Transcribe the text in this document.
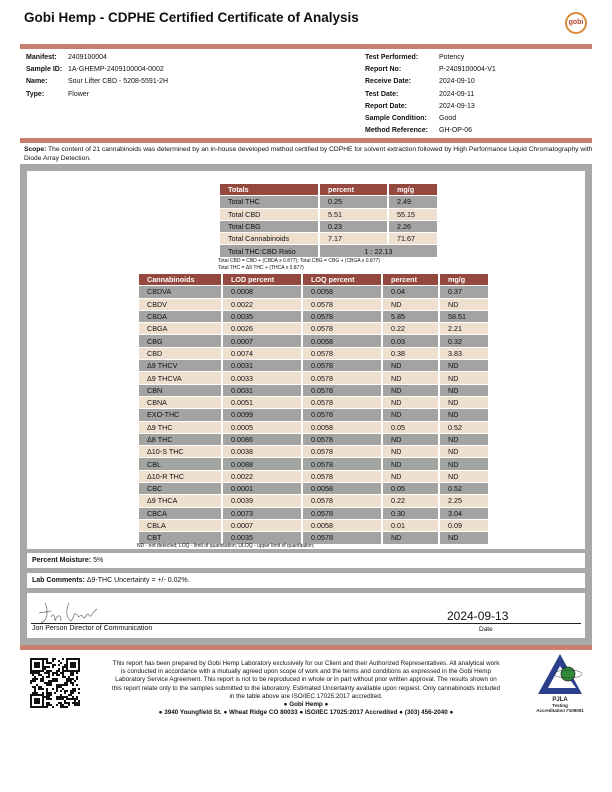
Gobi Hemp - CDPHE Certified Certificate of Analysis	gobi
Manifest: 2409100004
Sample ID: 1A-GHEMP-2409100004-0002
Name:	Sour Lifter CBD - 5208-5591-2H
Type:	Flower
Test Performed:	Potency
Report No:	P-2409100004-V1
Receive Date:	2024-09-10
Test Date:	2024-09-11
Report Date:	2024-09-13
Sample Condition: Good
Method Reference: GH-OP-06
Scope: The content of 21 cannabinoids was determined by an in-house developed method certified by CDPHE for solvent extraction followed by High Performance Liquid Chromatography with Diode Array Detection.
Totals	percent	mg/g
Total THC	0.25	2.49
Total CBD	5.51	55.15
Total CBG	0.23	2.26
Total Cannabinoids	7.17	71.67
Total THC:CBD Ratio	1 : 22.13	
Total CBD = CBD + (CBDA x 0.877); Total CBG = CBG + (CBGA x 0.877)
Total THC = Δ9 THC + (THCA x 0.877)
Cannabinoids	LOD percent	LOQ percent	percent	mg/g
CBDVA	0.0008	0.0058	0.04	0.37
CBDV	0.0022	0.0578	ND	ND
CBDA	0.0035	0.0578	5.85	58.51
CBGA	0.0026	0.0578	0.22	2.21
CBG	0.0007	0.0058	0.03	0.32
CBD	0.0074	0.0578	0.38	3.83
Δ9 THCV	0.0031	0.0578	ND	ND
Δ9 THCVA	0.0033	0.0578	ND	ND
CBN	0.0031	0.0578	ND	ND
CBNA	0.0051	0.0578	ND	ND
EXO-THC	0.0099	0.0578	ND	ND
Δ9 THC	0.0005	0.0058	0.05	0.52
Δ8 THC	0.0086	0.0578	ND	ND
Δ10-S THC	0.0038	0.0578	ND	ND
CBL	0.0088	0.0578	ND	ND
Δ10-R THC	0.0022	0.0578	ND	ND
CBC	0.0001	0.0058	0.05	0.52
Δ9 THCA	0.0039	0.0578	0.22	2.25
CBCA	0.0073	0.0578	0.30	3.04
CBLA	0.0007	0.0058	0.01	0.09
CBT	0.0035	0.0578	ND	ND
ND - not detected; LOQ - limit of quantitation; ULOQ - upper limit of quantitation;
Percent Moisture: 5%
Lab Comments: Δ9-THC Uncertainty = +/- 0.02%.
2024-09-13
Jon Person Director of Communication	Date
This report has been prepared by Gobi Hemp Laboratory exclusively for our Client and their Authorized Representatives. All analytical work is conducted in accordance with a mutually agreed upon scope of work and the terms and conditions as expressed in the Gobi Hemp Laboratory Service Agreement. This report is not to be reproduced in whole or in part without prior written approval. The results shown on this report relate only to the samples submitted to the laboratory. Estimated Uncertainty available upon request. Only cannabinoids included in the table above are ISO/IEC 17025:2017 accredited.
● Gobi Hemp ●
● 3940 Youngfield St. ● Wheat Ridge CO 80033 ● ISO/IEC 17025:2017 Accredited ● (303) 456-2040 ●
PJLA
Testing
Accreditation #109051
